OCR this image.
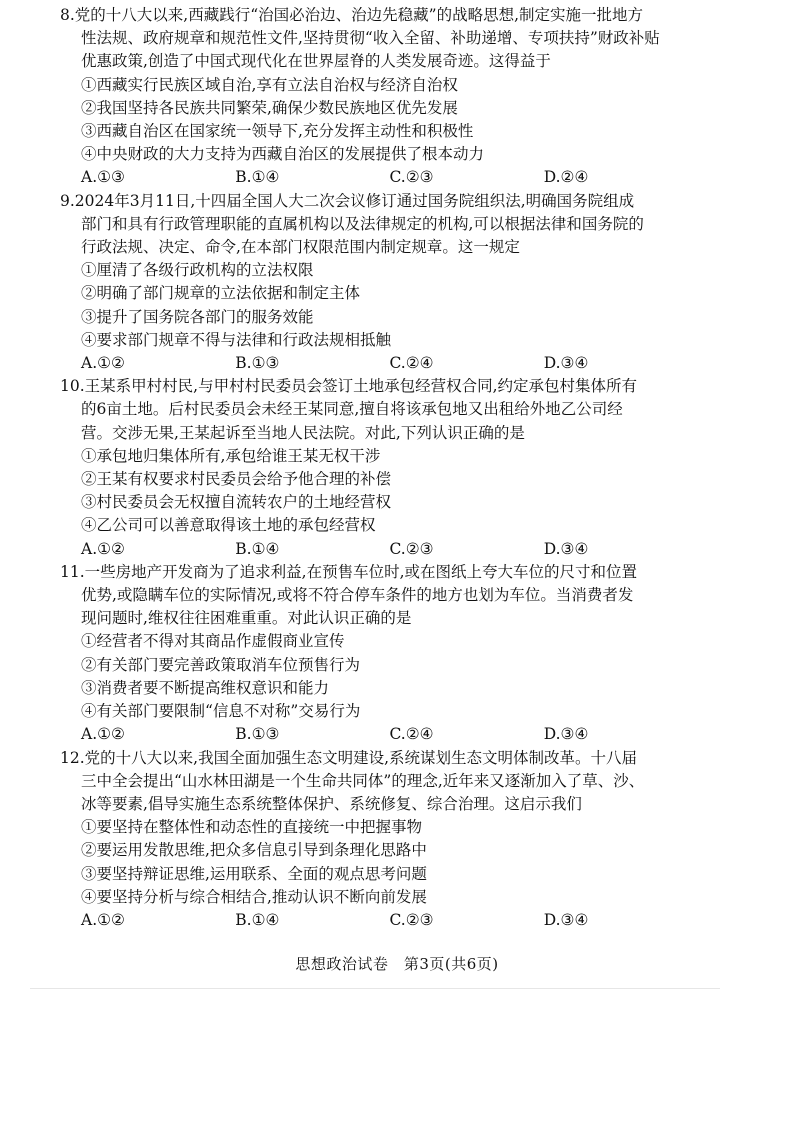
8.党的十八大以来,西藏践行“治国必治边、治边先稳藏”的战略思想,制定实施一批地方
性法规、政府规章和规范性文件,坚持贯彻“收入全留、补助递增、专项扶持”财政补贴
优惠政策,创造了中国式现代化在世界屋脊的人类发展奇迹。这得益于
①西藏实行民族区域自治,享有立法自治权与经济自治权
②我国坚持各民族共同繁荣,确保少数民族地区优先发展
③西藏自治区在国家统一领导下,充分发挥主动性和积极性
④中央财政的大力支持为西藏自治区的发展提供了根本动力
A.①③	B.①④	C.②③	D.②④
9.2024年3月11日,十四届全国人大二次会议修订通过国务院组织法,明确国务院组成
部门和具有行政管理职能的直属机构以及法律规定的机构,可以根据法律和国务院的
行政法规、决定、命令,在本部门权限范围内制定规章。这一规定
①厘清了各级行政机构的立法权限
②明确了部门规章的立法依据和制定主体
③提升了国务院各部门的服务效能
④要求部门规章不得与法律和行政法规相抵触
A.①②	B.①③	C.②④	D.③④
10.王某系甲村村民,与甲村村民委员会签订土地承包经营权合同,约定承包村集体所有
的6亩土地。后村民委员会未经王某同意,擅自将该承包地又出租给外地乙公司经
营。交涉无果,王某起诉至当地人民法院。对此,下列认识正确的是
①承包地归集体所有,承包给谁王某无权干涉
②王某有权要求村民委员会给予他合理的补偿
③村民委员会无权擅自流转农户的土地经营权
④乙公司可以善意取得该土地的承包经营权
A.①②	B.①④	C.②③	D.③④
11.一些房地产开发商为了追求利益,在预售车位时,或在图纸上夸大车位的尺寸和位置
优势,或隐瞒车位的实际情况,或将不符合停车条件的地方也划为车位。当消费者发
现问题时,维权往往困难重重。对此认识正确的是
①经营者不得对其商品作虚假商业宣传
②有关部门要完善政策取消车位预售行为
③消费者要不断提高维权意识和能力
④有关部门要限制“信息不对称”交易行为
A.①②	B.①③	C.②④	D.③④
12.党的十八大以来,我国全面加强生态文明建设,系统谋划生态文明体制改革。十八届
三中全会提出“山水林田湖是一个生命共同体”的理念,近年来又逐渐加入了草、沙、
冰等要素,倡导实施生态系统整体保护、系统修复、综合治理。这启示我们
①要坚持在整体性和动态性的直接统一中把握事物
②要运用发散思维,把众多信息引导到条理化思路中
③要坚持辩证思维,运用联系、全面的观点思考问题
④要坚持分析与综合相结合,推动认识不断向前发展
A.①②	B.①④	C.②③	D.③④
思想政治试卷　第3页(共6页)
